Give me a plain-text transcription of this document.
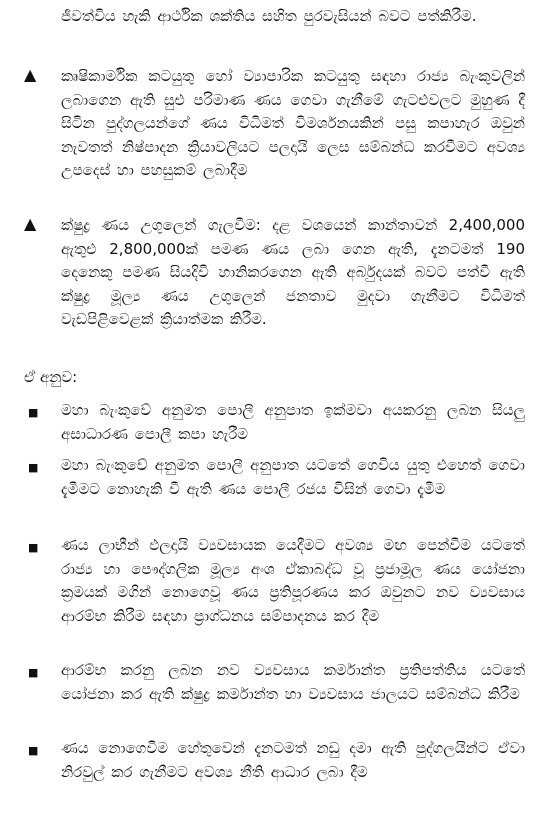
ජීවත්විය හැකි ආර්ථික ශක්තිය සහිත පුරවැසියන් බවට පත්කිරීම.
▲ කෘෂිකාර්මික කටයුතු හෝ ව්‍යාපාරික කටයුතු සඳහා රාජ්‍ය බැංකුවලින් ලබාගෙන ඇති සුළු පරිමාණ ණය ගෙවා ගැනීමේ ගැටළුවලට මුහුණ දී සිටින පුද්ගලයන්ගේ ණය විධිමත් විමර්ශනයකින් පසු කපාහැර ඔවුන් නැවතත් නිෂ්පාදන ක්‍රියාවලියට පලදායි ලෙස සම්බන්ධ කරවීමට අවශ්‍ය උපදෙස් හා පහසුකම් ලබාදීම
▲ ක්ෂුද්‍ර ණය උගුලෙන් ගැලවීම: දළ වශයෙන් කාන්තාවන් 2,400,000 ඇතුළු 2,800,000ක් පමණ ණය ලබා ගෙන ඇති, දැනටමත් 190 දෙනෙකු පමණ සියදිවි හානිකරගෙන ඇති අර්බුදයක් බවට පත්වී ඇති ක්ෂුද්‍ර මූල්‍ය ණය උගුලෙන් ජනතාව මුදවා ගැනීමට විධිමත් වැඩපිළිවෙළක් ක්‍රියාත්මක කිරීම.
ඒ අනුව:
■ මහා බැංකුවේ අනුමත පොලී අනුපාත ඉක්මවා අයකරනු ලබන සියලු අසාධාරණ පොලී කපා හැරීම
■ මහා බැංකුවේ අනුමත පොලී අනුපාත යටතේ ගෙවිය යුතු එහෙත් ගෙවා දැමීමට නොහැකි වී ඇති ණය පොලී රජය විසින් ගෙවා දැමීම
■ ණය ලාභීන් ඵලදායි ව්‍යවසායක යෙදීමට අවශ්‍ය මඟ පෙන්වීම යටතේ රාජ්‍ය හා පෞද්ගලික මූල්‍ය අංශ ඒකාබද්ධ වූ ප්‍රජාමූල ණය යෝජනා ක්‍රමයක් මගින් නොගෙවූ ණය ප්‍රතිපූරණය කර ඔවුනට නව ව්‍යවසාය ආරම්භ කිරීම සඳහා ප්‍රාග්ධනය සම්පාදනය කර දීම
■ ආරම්භ කරනු ලබන නව ව්‍යවසාය කර්මාන්ත ප්‍රතිපත්තිය යටතේ යෝජනා කර ඇති ක්ෂුද්‍ර කර්මාන්ත හා ව්‍යවසාය ජාලයට සම්බන්ධ කිරීම
■ ණය නොගෙවීම හේතුවෙන් දැනටමත් නඩු දමා ඇති පුද්ගලයින්ට ඒවා නිරවුල් කර ගැනීමට අවශ්‍ය නීති ආධාර ලබා දීම
